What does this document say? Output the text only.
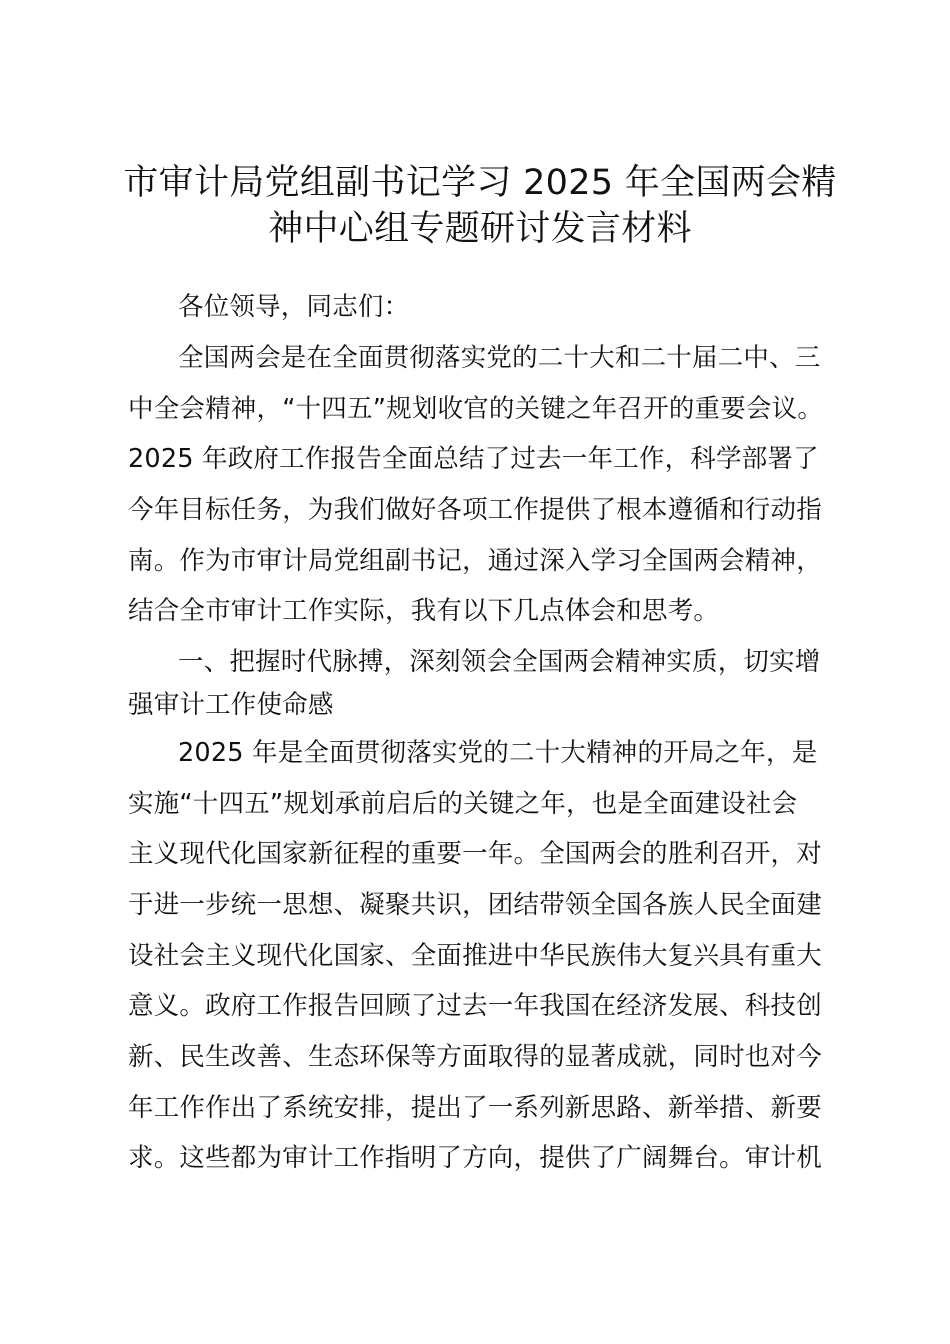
市审计局党组副书记学习 2025 年全国两会精
神中心组专题研讨发言材料
各位领导，同志们：
全国两会是在全面贯彻落实党的二十大和二十届二中、三
中全会精神，“十四五”规划收官的关键之年召开的重要会议。
2025 年政府工作报告全面总结了过去一年工作，科学部署了
今年目标任务，为我们做好各项工作提供了根本遵循和行动指
南。作为市审计局党组副书记，通过深入学习全国两会精神，
结合全市审计工作实际，我有以下几点体会和思考。
一、把握时代脉搏，深刻领会全国两会精神实质，切实增
强审计工作使命感
2025 年是全面贯彻落实党的二十大精神的开局之年，是
实施“十四五”规划承前启后的关键之年，也是全面建设社会
主义现代化国家新征程的重要一年。全国两会的胜利召开，对
于进一步统一思想、凝聚共识，团结带领全国各族人民全面建
设社会主义现代化国家、全面推进中华民族伟大复兴具有重大
意义。政府工作报告回顾了过去一年我国在经济发展、科技创
新、民生改善、生态环保等方面取得的显著成就，同时也对今
年工作作出了系统安排，提出了一系列新思路、新举措、新要
求。这些都为审计工作指明了方向，提供了广阔舞台。审计机
